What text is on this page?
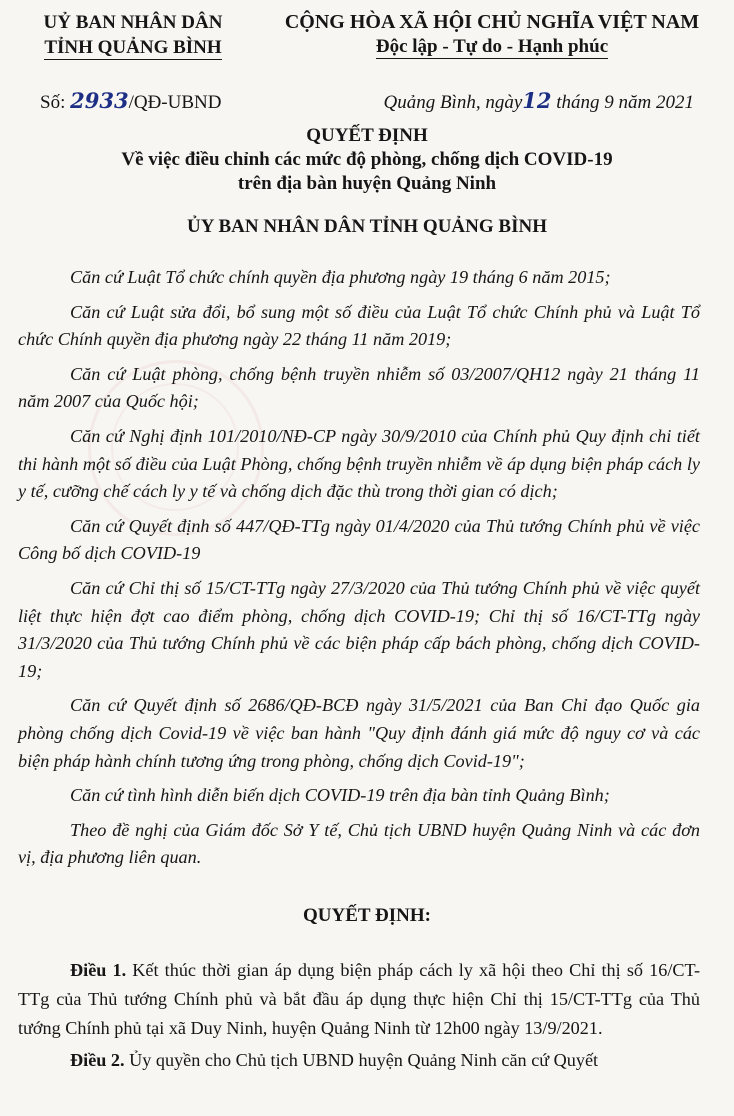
UỶ BAN NHÂN DÂN
TỈNH QUẢNG BÌNH
CỘNG HÒA XÃ HỘI CHỦ NGHĨA VIỆT NAM
Độc lập - Tự do - Hạnh phúc
Số: 2933/QĐ-UBND	Quảng Bình, ngày12 tháng 9 năm 2021
QUYẾT ĐỊNH
Về việc điều chỉnh các mức độ phòng, chống dịch COVID-19
trên địa bàn huyện Quảng Ninh
ỦY BAN NHÂN DÂN TỈNH QUẢNG BÌNH

Căn cứ Luật Tổ chức chính quyền địa phương ngày 19 tháng 6 năm 2015;

Căn cứ Luật sửa đổi, bổ sung một số điều của Luật Tổ chức Chính phủ và Luật Tổ chức Chính quyền địa phương ngày 22 tháng 11 năm 2019;

Căn cứ Luật phòng, chống bệnh truyền nhiễm số 03/2007/QH12 ngày 21 tháng 11 năm 2007 của Quốc hội;

Căn cứ Nghị định 101/2010/NĐ-CP ngày 30/9/2010 của Chính phủ Quy định chi tiết thi hành một số điều của Luật Phòng, chống bệnh truyền nhiễm về áp dụng biện pháp cách ly y tế, cưỡng chế cách ly y tế và chống dịch đặc thù trong thời gian có dịch;

Căn cứ Quyết định số 447/QĐ-TTg ngày 01/4/2020 của Thủ tướng Chính phủ về việc Công bố dịch COVID-19

Căn cứ Chỉ thị số 15/CT-TTg ngày 27/3/2020 của Thủ tướng Chính phủ về việc quyết liệt thực hiện đợt cao điểm phòng, chống dịch COVID-19; Chỉ thị số 16/CT-TTg ngày 31/3/2020 của Thủ tướng Chính phủ về các biện pháp cấp bách phòng, chống dịch COVID-19;

Căn cứ Quyết định số 2686/QĐ-BCĐ ngày 31/5/2021 của Ban Chỉ đạo Quốc gia phòng chống dịch Covid-19 về việc ban hành "Quy định đánh giá mức độ nguy cơ và các biện pháp hành chính tương ứng trong phòng, chống dịch Covid-19";

Căn cứ tình hình diễn biến dịch COVID-19 trên địa bàn tỉnh Quảng Bình;

Theo đề nghị của Giám đốc Sở Y tế, Chủ tịch UBND huyện Quảng Ninh và các đơn vị, địa phương liên quan.

QUYẾT ĐỊNH:

Điều 1. Kết thúc thời gian áp dụng biện pháp cách ly xã hội theo Chỉ thị số 16/CT-TTg của Thủ tướng Chính phủ và bắt đầu áp dụng thực hiện Chỉ thị 15/CT-TTg của Thủ tướng Chính phủ tại xã Duy Ninh, huyện Quảng Ninh từ 12h00 ngày 13/9/2021.

Điều 2. Ủy quyền cho Chủ tịch UBND huyện Quảng Ninh căn cứ Quyết
